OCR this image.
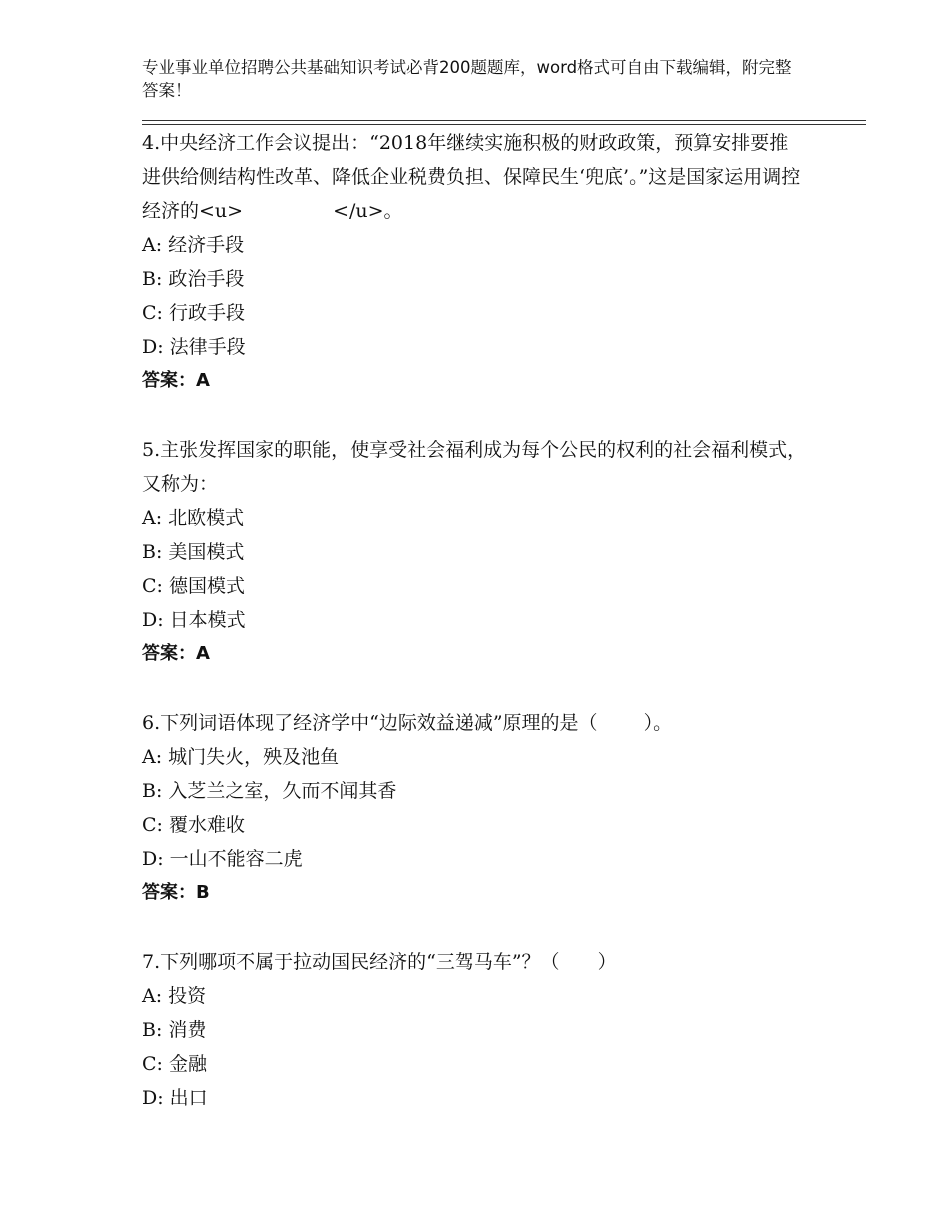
专业事业单位招聘公共基础知识考试必背200题题库，word格式可自由下载编辑，附完整答案！

4.中央经济工作会议提出：“2018年继续实施积极的财政政策，预算安排要推进供给侧结构性改革、降低企业税费负担、保障民生‘兜底’。”这是国家运用调控经济的<u>	</u>。

A: 经济手段

B: 政治手段

C: 行政手段

D: 法律手段

答案：A

5.主张发挥国家的职能，使享受社会福利成为每个公民的权利的社会福利模式，又称为：

A: 北欧模式

B: 美国模式

C: 德国模式

D: 日本模式

答案：A

6.下列词语体现了经济学中“边际效益递减”原理的是（ ）。

A: 城门失火，殃及池鱼

B: 入芝兰之室，久而不闻其香

C: 覆水难收

D: 一山不能容二虎

答案：B

7.下列哪项不属于拉动国民经济的“三驾马车”？（ ）

A: 投资

B: 消费

C: 金融

D: 出口
